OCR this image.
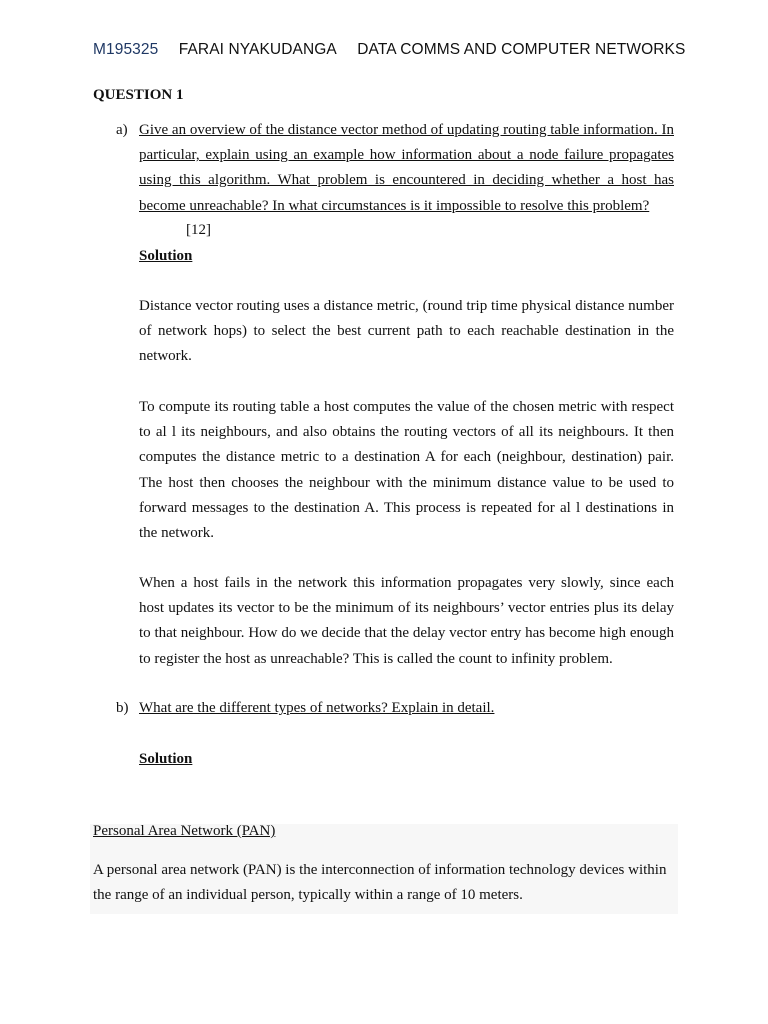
M195325 FARAI NYAKUDANGA DATA COMMS AND COMPUTER NETWORKS
QUESTION 1
a) Give an overview of the distance vector method of updating routing table information. In particular, explain using an example how information about a node failure propagates using this algorithm. What problem is encountered in deciding whether a host has become unreachable? In what circumstances is it impossible to resolve this problem?
[12]
Solution
Distance vector routing uses a distance metric, (round trip time physical distance number of network hops) to select the best current path to each reachable destination in the network.
To compute its routing table a host computes the value of the chosen metric with respect to al l its neighbours, and also obtains the routing vectors of all its neighbours. It then computes the distance metric to a destination A for each (neighbour, destination) pair. The host then chooses the neighbour with the minimum distance value to be used to forward messages to the destination A. This process is repeated for al l destinations in the network.
When a host fails in the network this information propagates very slowly, since each host updates its vector to be the minimum of its neighbours’ vector entries plus its delay to that neighbour. How do we decide that the delay vector entry has become high enough to register the host as unreachable? This is called the count to infinity problem.
b) What are the different types of networks? Explain in detail.
Solution
Personal Area Network (PAN)
A personal area network (PAN) is the interconnection of information technology devices within the range of an individual person, typically within a range of 10 meters.
